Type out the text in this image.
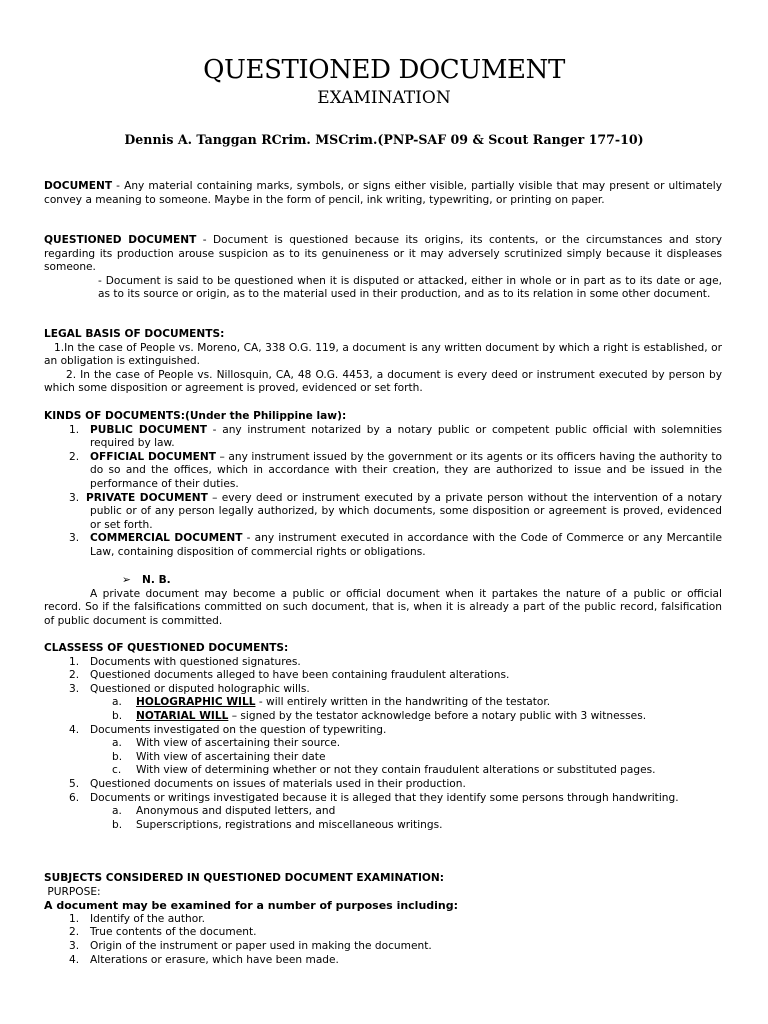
QUESTIONED DOCUMENT
EXAMINATION
Dennis A. Tanggan RCrim. MSCrim.(PNP-SAF 09 & Scout Ranger 177-10)

DOCUMENT - Any material containing marks, symbols, or signs either visible, partially visible that may present or ultimately convey a meaning to someone. Maybe in the form of pencil, ink writing, typewriting, or printing on paper.

QUESTIONED DOCUMENT - Document is questioned because its origins, its contents, or the circumstances and story regarding its production arouse suspicion as to its genuineness or it may adversely scrutinized simply because it displeases someone.

- Document is said to be questioned when it is disputed or attacked, either in whole or in part as to its date or age, as to its source or origin, as to the material used in their production, and as to its relation in some other document.

LEGAL BASIS OF DOCUMENTS:

1.In the case of People vs. Moreno, CA, 338 O.G. 119, a document is any written document by which a right is established, or an obligation is extinguished.

2. In the case of People vs. Nillosquin, CA, 48 O.G. 4453, a document is every deed or instrument executed by person by which some disposition or agreement is proved, evidenced or set forth.

KINDS OF DOCUMENTS:(Under the Philippine law):

1. PUBLIC DOCUMENT - any instrument notarized by a notary public or competent public official with solemnities required by law.
2. OFFICIAL DOCUMENT – any instrument issued by the government or its agents or its officers having the authority to do so and the offices, which in accordance with their creation, they are authorized to issue and be issued in the performance of their duties.
3. PRIVATE DOCUMENT – every deed or instrument executed by a private person without the intervention of a notary public or of any person legally authorized, by which documents, some disposition or agreement is proved, evidenced or set forth.
3. COMMERCIAL DOCUMENT - any instrument executed in accordance with the Code of Commerce or any Mercantile Law, containing disposition of commercial rights or obligations.

➢ N. B.

A private document may become a public or official document when it partakes the nature of a public or official record. So if the falsifications committed on such document, that is, when it is already a part of the public record, falsification of public document is committed.

CLASSESS OF QUESTIONED DOCUMENTS:

1. Documents with questioned signatures.
2. Questioned documents alleged to have been containing fraudulent alterations.
3. Questioned or disputed holographic wills.
a. HOLOGRAPHIC WILL - will entirely written in the handwriting of the testator.
b. NOTARIAL WILL – signed by the testator acknowledge before a notary public with 3 witnesses.
4. Documents investigated on the question of typewriting.
a. With view of ascertaining their source.
b. With view of ascertaining their date
c. With view of determining whether or not they contain fraudulent alterations or substituted pages.
5. Questioned documents on issues of materials used in their production.
6. Documents or writings investigated because it is alleged that they identify some persons through handwriting.
a. Anonymous and disputed letters, and
b. Superscriptions, registrations and miscellaneous writings.

SUBJECTS CONSIDERED IN QUESTIONED DOCUMENT EXAMINATION:

PURPOSE:

A document may be examined for a number of purposes including:

1. Identify of the author.
2. True contents of the document.
3. Origin of the instrument or paper used in making the document.
4. Alterations or erasure, which have been made.
